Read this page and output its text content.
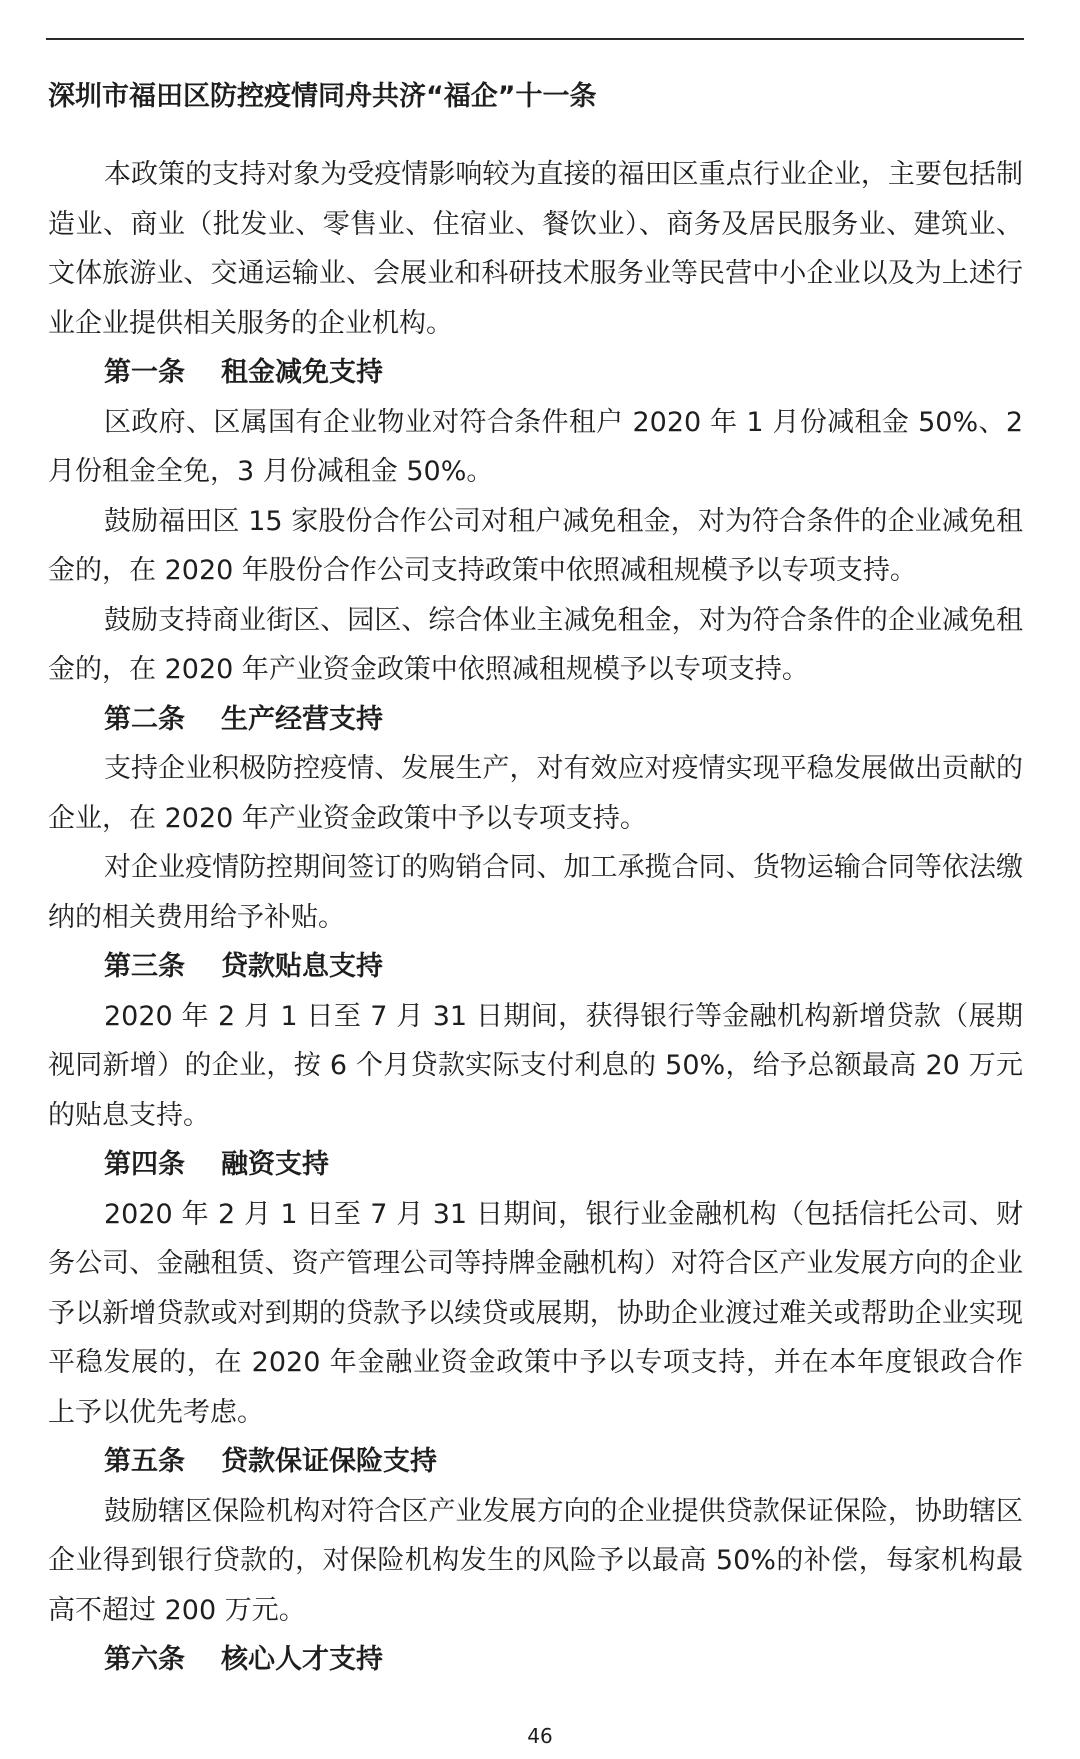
深圳市福田区防控疫情同舟共济“福企”十一条

本政策的支持对象为受疫情影响较为直接的福田区重点行业企业，主要包括制造业、商业（批发业、零售业、住宿业、餐饮业）、商务及居民服务业、建筑业、文体旅游业、交通运输业、会展业和科研技术服务业等民营中小企业以及为上述行业企业提供相关服务的企业机构。

第一条 租金减免支持

区政府、区属国有企业物业对符合条件租户 2020 年 1 月份减租金 50%、2 月份租金全免，3 月份减租金 50%。

鼓励福田区 15 家股份合作公司对租户减免租金，对为符合条件的企业减免租金的，在 2020 年股份合作公司支持政策中依照减租规模予以专项支持。

鼓励支持商业街区、园区、综合体业主减免租金，对为符合条件的企业减免租金的，在 2020 年产业资金政策中依照减租规模予以专项支持。

第二条 生产经营支持

支持企业积极防控疫情、发展生产，对有效应对疫情实现平稳发展做出贡献的企业，在 2020 年产业资金政策中予以专项支持。

对企业疫情防控期间签订的购销合同、加工承揽合同、货物运输合同等依法缴纳的相关费用给予补贴。

第三条 贷款贴息支持

2020 年 2 月 1 日至 7 月 31 日期间，获得银行等金融机构新增贷款（展期视同新增）的企业，按 6 个月贷款实际支付利息的 50%，给予总额最高 20 万元的贴息支持。

第四条 融资支持

2020 年 2 月 1 日至 7 月 31 日期间，银行业金融机构（包括信托公司、财务公司、金融租赁、资产管理公司等持牌金融机构）对符合区产业发展方向的企业予以新增贷款或对到期的贷款予以续贷或展期，协助企业渡过难关或帮助企业实现平稳发展的，在 2020 年金融业资金政策中予以专项支持，并在本年度银政合作上予以优先考虑。

第五条 贷款保证保险支持

鼓励辖区保险机构对符合区产业发展方向的企业提供贷款保证保险，协助辖区企业得到银行贷款的，对保险机构发生的风险予以最高 50%的补偿，每家机构最高不超过 200 万元。

第六条 核心人才支持

46
